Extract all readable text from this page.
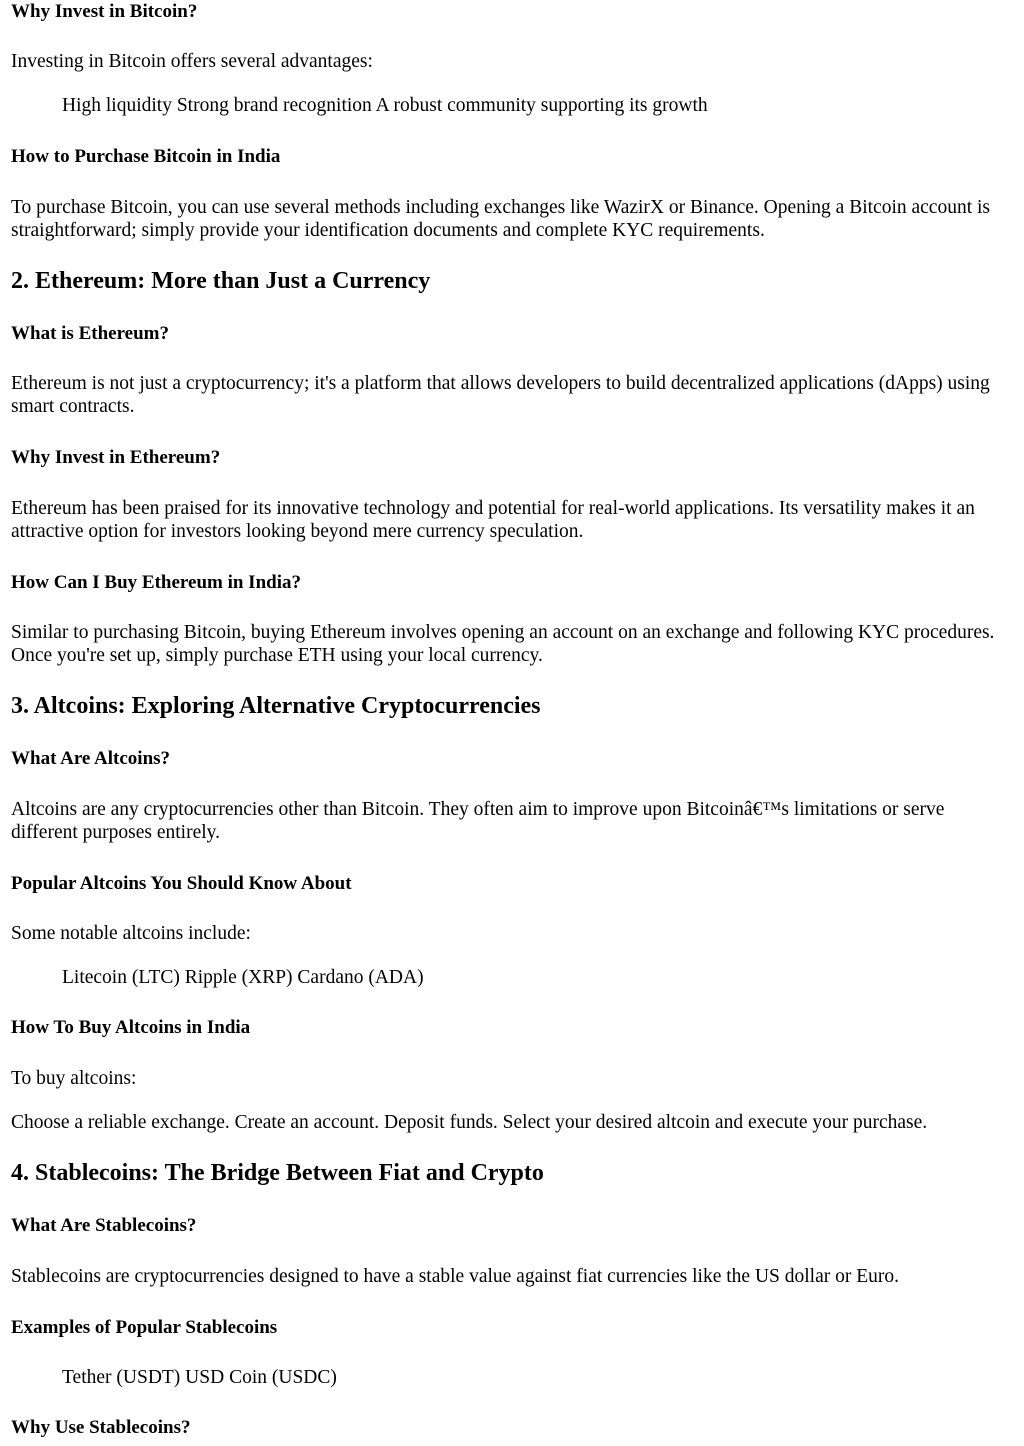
Why Invest in Bitcoin?

Investing in Bitcoin offers several advantages:

High liquidity Strong brand recognition A robust community supporting its growth

How to Purchase Bitcoin in India

To purchase Bitcoin, you can use several methods including exchanges like WazirX or Binance. Opening a Bitcoin account is straightforward; simply provide your identification documents and complete KYC requirements.

2. Ethereum: More than Just a Currency
What is Ethereum?

Ethereum is not just a cryptocurrency; it's a platform that allows developers to build decentralized applications (dApps) using smart contracts.

Why Invest in Ethereum?

Ethereum has been praised for its innovative technology and potential for real-world applications. Its versatility makes it an attractive option for investors looking beyond mere currency speculation.

How Can I Buy Ethereum in India?

Similar to purchasing Bitcoin, buying Ethereum involves opening an account on an exchange and following KYC procedures. Once you're set up, simply purchase ETH using your local currency.

3. Altcoins: Exploring Alternative Cryptocurrencies
What Are Altcoins?

Altcoins are any cryptocurrencies other than Bitcoin. They often aim to improve upon Bitcoinâ€™s limitations or serve different purposes entirely.

Popular Altcoins You Should Know About

Some notable altcoins include:

Litecoin (LTC) Ripple (XRP) Cardano (ADA)

How To Buy Altcoins in India

To buy altcoins:

Choose a reliable exchange. Create an account. Deposit funds. Select your desired altcoin and execute your purchase.

4. Stablecoins: The Bridge Between Fiat and Crypto
What Are Stablecoins?

Stablecoins are cryptocurrencies designed to have a stable value against fiat currencies like the US dollar or Euro.

Examples of Popular Stablecoins

Tether (USDT) USD Coin (USDC)

Why Use Stablecoins?
